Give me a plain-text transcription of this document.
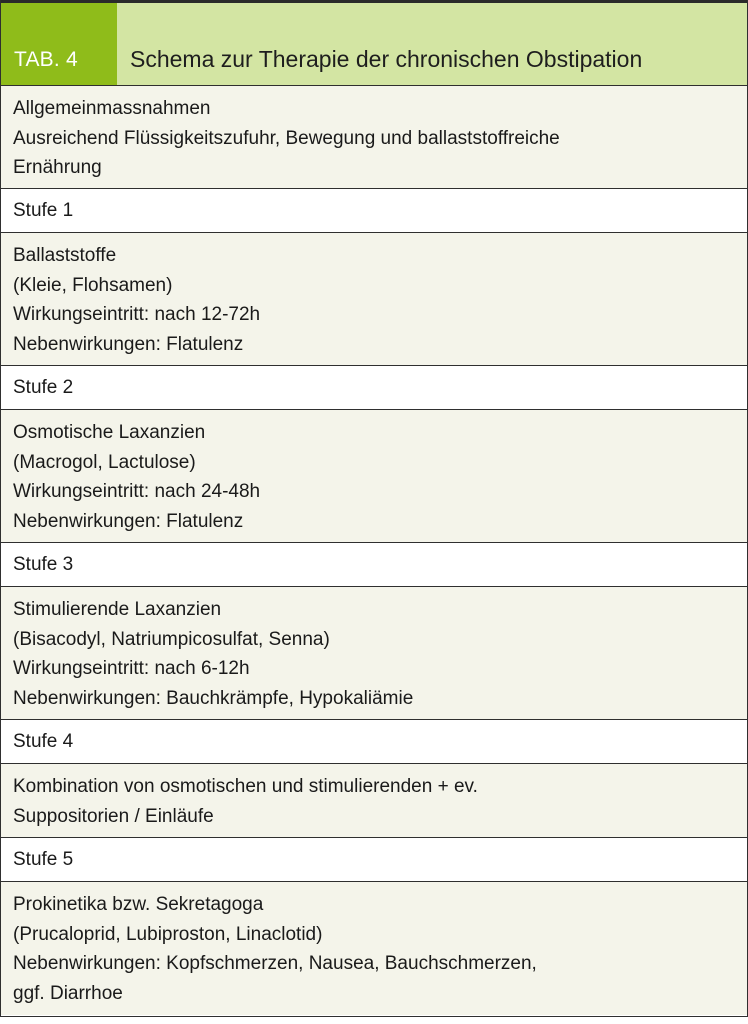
TAB. 4	Schema zur Therapie der chronischen Obstipation
Allgemeinmassnahmen
Ausreichend Flüssigkeitszufuhr, Bewegung und ballaststoffreiche
Ernährung
Stufe 1
Ballaststoffe
(Kleie, Flohsamen)
Wirkungseintritt: nach 12-72h
Nebenwirkungen: Flatulenz
Stufe 2
Osmotische Laxanzien
(Macrogol, Lactulose)
Wirkungseintritt: nach 24-48h
Nebenwirkungen: Flatulenz
Stufe 3
Stimulierende Laxanzien
(Bisacodyl, Natriumpicosulfat, Senna)
Wirkungseintritt: nach 6-12h
Nebenwirkungen: Bauchkrämpfe, Hypokaliämie
Stufe 4
Kombination von osmotischen und stimulierenden + ev.
Suppositorien / Einläufe
Stufe 5
Prokinetika bzw. Sekretagoga
(Prucaloprid, Lubiproston, Linaclotid)
Nebenwirkungen: Kopfschmerzen, Nausea, Bauchschmerzen,
ggf. Diarrhoe
